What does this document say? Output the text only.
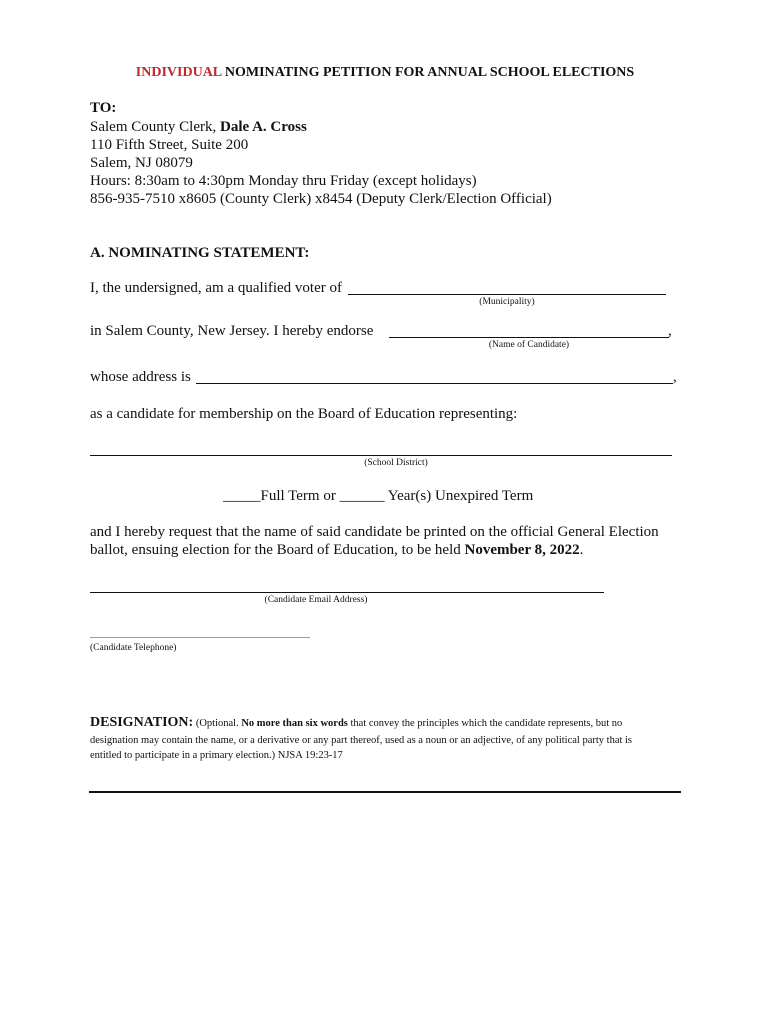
INDIVIDUAL NOMINATING PETITION FOR ANNUAL SCHOOL ELECTIONS
TO:
Salem County Clerk, Dale A. Cross
110 Fifth Street, Suite 200
Salem, NJ 08079
Hours: 8:30am to 4:30pm Monday thru Friday (except holidays)
856-935-7510 x8605 (County Clerk) x8454 (Deputy Clerk/Election Official)
A. NOMINATING STATEMENT:
I, the undersigned, am a qualified voter of
(Municipality)
in Salem County, New Jersey. I hereby endorse	,
(Name of Candidate)
whose address is	,
as a candidate for membership on the Board of Education representing:
(School District)
_____Full Term or ______ Year(s) Unexpired Term
and I hereby request that the name of said candidate be printed on the official General Election
ballot, ensuing election for the Board of Education, to be held November 8, 2022.
(Candidate Email Address)
____________________________________________
(Candidate Telephone)
DESIGNATION: (Optional. No more than six words that convey the principles which the candidate represents, but no
designation may contain the name, or a derivative or any part thereof, used as a noun or an adjective, of any political party that is
entitled to participate in a primary election.) NJSA 19:23-17
